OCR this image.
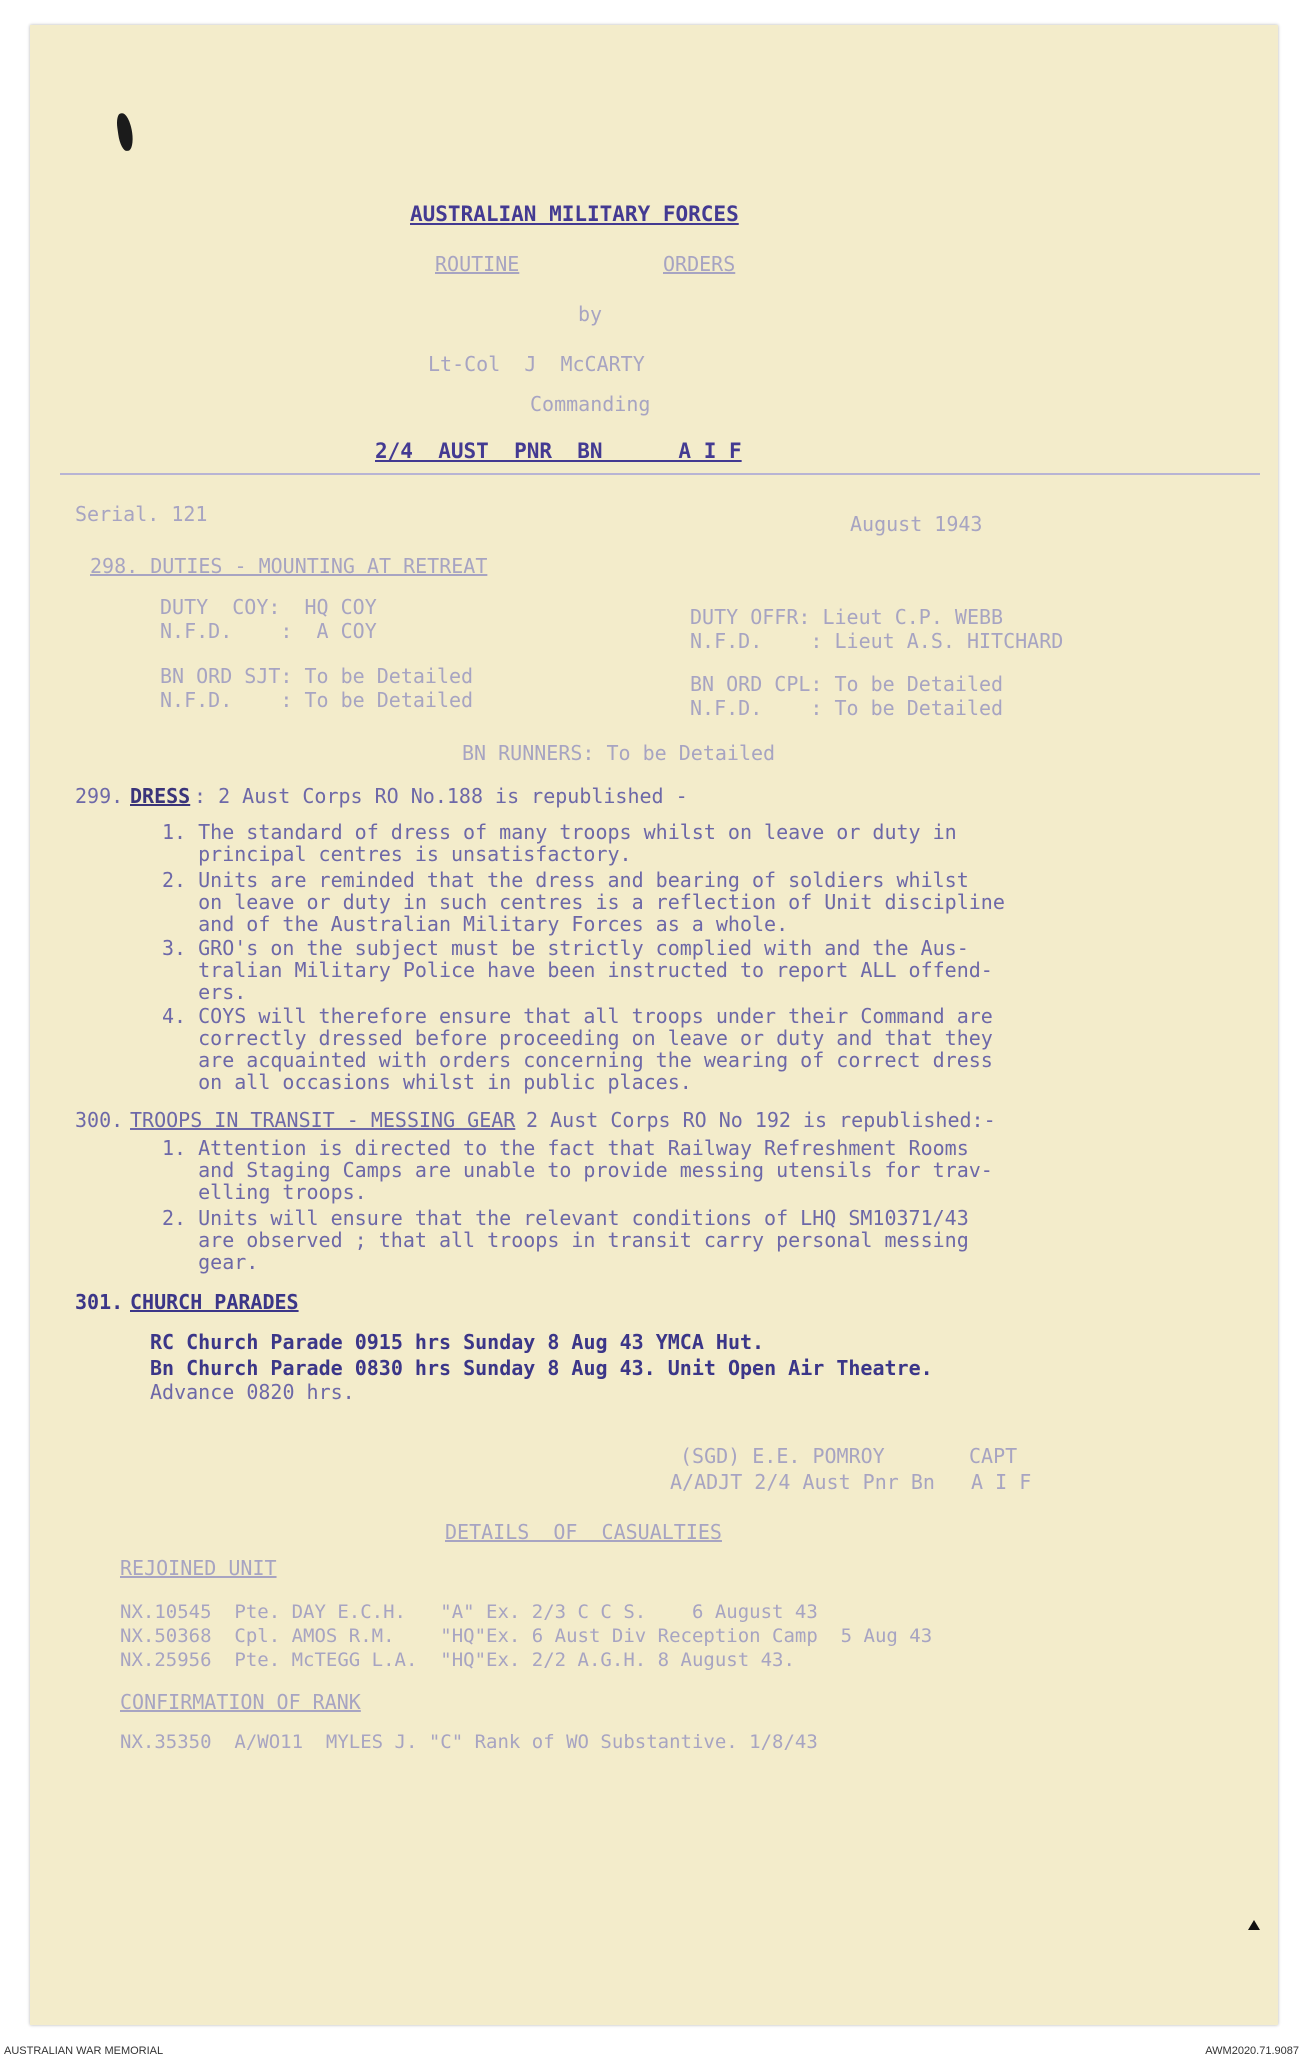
AUSTRALIAN MILITARY FORCES
ROUTINE	ORDERS
by
Lt-Col  J  McCARTY
Commanding
2/4  AUST  PNR  BN      A I F
Serial. 121	August 1943
298. DUTIES - MOUNTING AT RETREAT
DUTY  COY:  HQ COY
N.F.D.    :  A COY
DUTY OFFR: Lieut C.P. WEBB
N.F.D.    : Lieut A.S. HITCHARD
BN ORD SJT: To be Detailed
N.F.D.    : To be Detailed
BN ORD CPL: To be Detailed
N.F.D.    : To be Detailed
BN RUNNERS: To be Detailed
299. DRESS : 2 Aust Corps RO No.188 is republished -
1. The standard of dress of many troops whilst on leave or duty in
principal centres is unsatisfactory.
2. Units are reminded that the dress and bearing of soldiers whilst
on leave or duty in such centres is a reflection of Unit discipline
and of the Australian Military Forces as a whole.
3. GRO's on the subject must be strictly complied with and the Aus-
tralian Military Police have been instructed to report ALL offend-
ers.
4. COYS will therefore ensure that all troops under their Command are
correctly dressed before proceeding on leave or duty and that they
are acquainted with orders concerning the wearing of correct dress
on all occasions whilst in public places.
300. TROOPS IN TRANSIT - MESSING GEAR
2 Aust Corps RO No 192 is republished:-
1. Attention is directed to the fact that Railway Refreshment Rooms
and Staging Camps are unable to provide messing utensils for trav-
elling troops.
2. Units will ensure that the relevant conditions of LHQ SM10371/43
are observed ; that all troops in transit carry personal messing
gear.
301. CHURCH PARADES
RC Church Parade 0915 hrs Sunday 8 Aug 43 YMCA Hut.
Bn Church Parade 0830 hrs Sunday 8 Aug 43. Unit Open Air Theatre.
Advance 0820 hrs.
(SGD) E.E. POMROY       CAPT
A/ADJT 2/4 Aust Pnr Bn   A I F
DETAILS  OF  CASUALTIES
REJOINED UNIT
NX.10545  Pte. DAY E.C.H.   "A" Ex. 2/3 C C S.    6 August 43
NX.50368  Cpl. AMOS R.M.    "HQ"Ex. 6 Aust Div Reception Camp  5 Aug 43
NX.25956  Pte. McTEGG L.A.  "HQ"Ex. 2/2 A.G.H. 8 August 43.
CONFIRMATION OF RANK
NX.35350  A/WO11  MYLES J. "C" Rank of WO Substantive. 1/8/43
AUSTRALIAN WAR MEMORIAL	AWM2020.71.9087
